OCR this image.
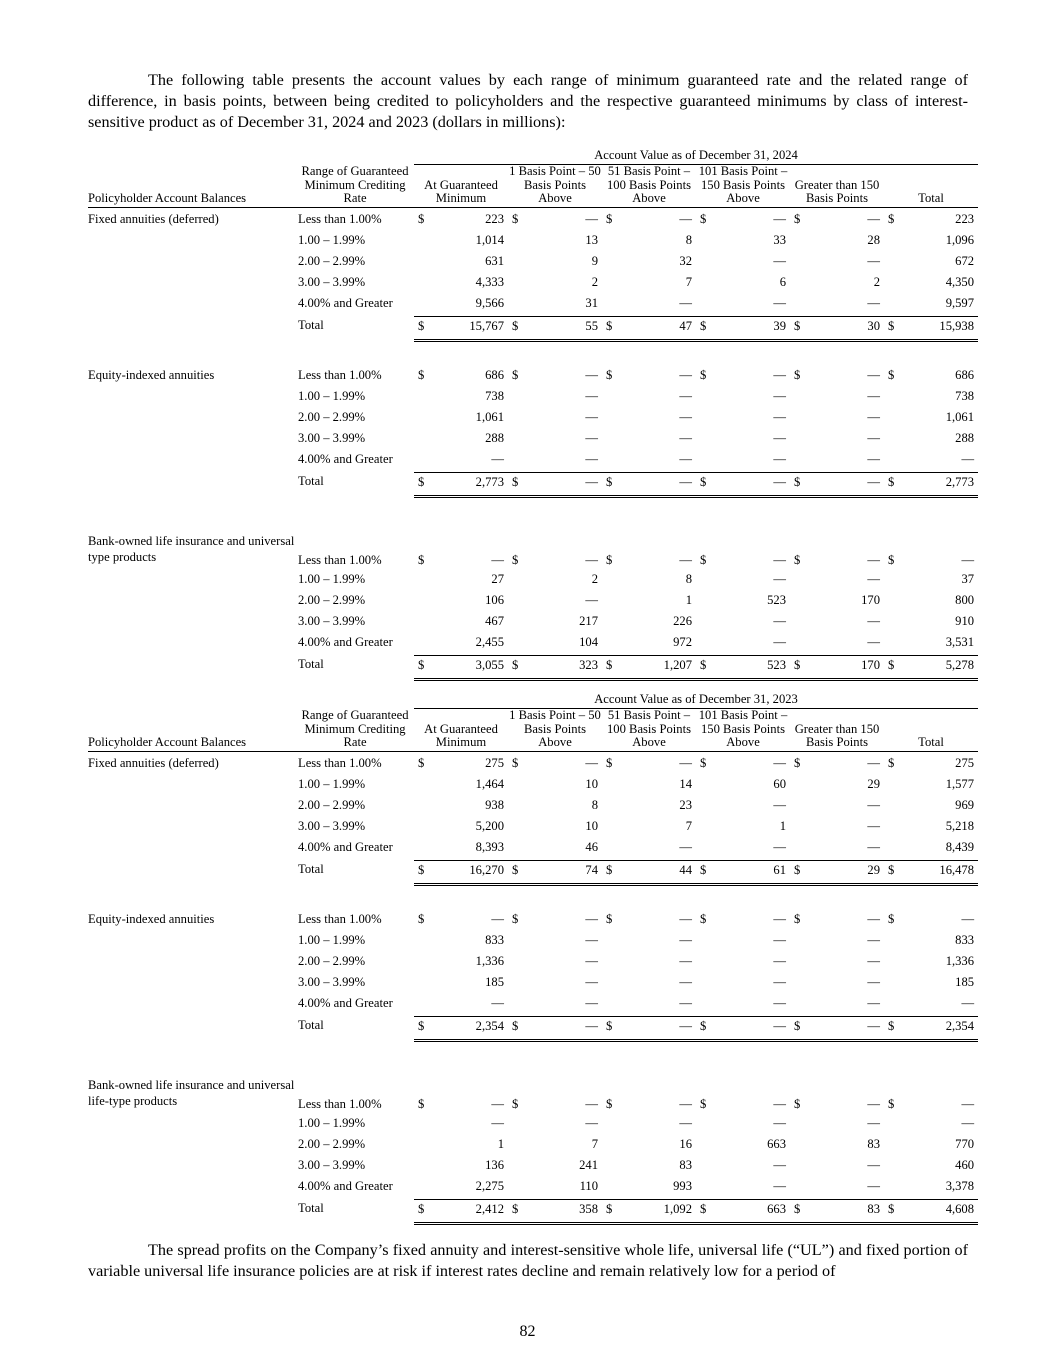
The following table presents the account values by each range of minimum guaranteed rate and the related range of difference, in basis points, between being credited to policyholders and the respective guaranteed minimums by class of interest-sensitive product as of December 31, 2024 and 2023 (dollars in millions):

		Account Value as of December 31, 2024											
Policyholder Account Balances	Range of Guaranteed Minimum Crediting Rate	At Guaranteed Minimum		1 Basis Point – 50 Basis Points Above		51 Basis Point – 100 Basis Points Above		101 Basis Point – 150 Basis Points Above		Greater than 150 Basis Points		Total	
Fixed annuities (deferred)	Less than 1.00%	$	223	$	—	$	—	$	—	$	—	$	223
	1.00 – 1.99%		1,014		13		8		33		28		1,096
	2.00 – 2.99%		631		9		32		—		—		672
	3.00 – 3.99%		4,333		2		7		6		2		4,350
	4.00% and Greater		9,566		31		—		—		—		9,597
	Total	$	15,767	$	55	$	47	$	39	$	30	$	15,938

Equity-indexed annuities	Less than 1.00%	$	686	$	—	$	—	$	—	$	—	$	686
	1.00 – 1.99%		738		—		—		—		—		738
	2.00 – 2.99%		1,061		—		—		—		—		1,061
	3.00 – 3.99%		288		—		—		—		—		288
	4.00% and Greater		—		—		—		—		—		—
	Total	$	2,773	$	—	$	—	$	—	$	—	$	2,773

Bank-owned life insurance and universal type products	Less than 1.00%	$	—	$	—	$	—	$	—	$	—	$	—
	1.00 – 1.99%		27		2		8		—		—		37
	2.00 – 2.99%		106		—		1		523		170		800
	3.00 – 3.99%		467		217		226		—		—		910
	4.00% and Greater		2,455		104		972		—		—		3,531
	Total	$	3,055	$	323	$	1,207	$	523	$	170	$	5,278
		Account Value as of December 31, 2023											
Policyholder Account Balances	Range of Guaranteed Minimum Crediting Rate	At Guaranteed Minimum		1 Basis Point – 50 Basis Points Above		51 Basis Point – 100 Basis Points Above		101 Basis Point – 150 Basis Points Above		Greater than 150 Basis Points		Total	
Fixed annuities (deferred)	Less than 1.00%	$	275	$	—	$	—	$	—	$	—	$	275
	1.00 – 1.99%		1,464		10		14		60		29		1,577
	2.00 – 2.99%		938		8		23		—		—		969
	3.00 – 3.99%		5,200		10		7		1		—		5,218
	4.00% and Greater		8,393		46		—		—		—		8,439
	Total	$	16,270	$	74	$	44	$	61	$	29	$	16,478

Equity-indexed annuities	Less than 1.00%	$	—	$	—	$	—	$	—	$	—	$	—
	1.00 – 1.99%		833		—		—		—		—		833
	2.00 – 2.99%		1,336		—		—		—		—		1,336
	3.00 – 3.99%		185		—		—		—		—		185
	4.00% and Greater		—		—		—		—		—		—
	Total	$	2,354	$	—	$	—	$	—	$	—	$	2,354

Bank-owned life insurance and universal life-type products	Less than 1.00%	$	—	$	—	$	—	$	—	$	—	$	—
	1.00 – 1.99%		—		—		—		—		—		—
	2.00 – 2.99%		1		7		16		663		83		770
	3.00 – 3.99%		136		241		83		—		—		460
	4.00% and Greater		2,275		110		993		—		—		3,378
	Total	$	2,412	$	358	$	1,092	$	663	$	83	$	4,608

The spread profits on the Company’s fixed annuity and interest-sensitive whole life, universal life (“UL”) and fixed portion of variable universal life insurance policies are at risk if interest rates decline and remain relatively low for a period of

82
